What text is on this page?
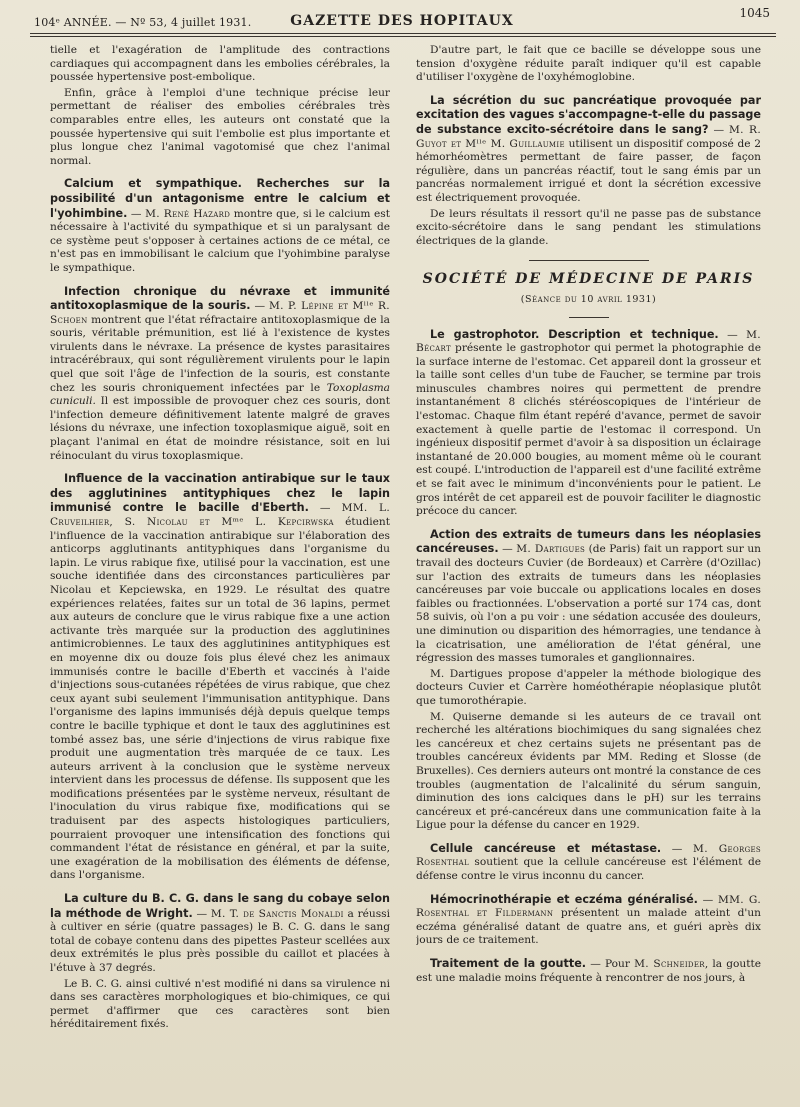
104ᵉ ANNÉE. — Nº 53, 4 juillet 1931.	GAZETTE DES HOPITAUX	1045

tielle et l'exagération de l'amplitude des contractions cardiaques qui accompagnent dans les embolies cérébrales, la poussée hypertensive post-embolique.

Enfin, grâce à l'emploi d'une technique précise leur permettant de réaliser des embolies cérébrales très comparables entre elles, les auteurs ont constaté que la poussée hypertensive qui suit l'embolie est plus importante et plus longue chez l'animal vagotomisé que chez l'animal normal.

Calcium et sympathique. Recherches sur la possibilité d'un antagonisme entre le calcium et l'yohimbine. — M. René Hazard montre que, si le calcium est nécessaire à l'activité du sympathique et si un paralysant de ce système peut s'opposer à certaines actions de ce métal, ce n'est pas en immobilisant le calcium que l'yohimbine paralyse le sympathique.

Infection chronique du névraxe et immunité antitoxoplasmique de la souris. — M. P. Lépine et Mˡˡᵉ R. Schoen montrent que l'état réfractaire antitoxoplasmique de la souris, véritable prémunition, est lié à l'existence de kystes virulents dans le névraxe. La présence de kystes parasitaires intracérébraux, qui sont régulièrement virulents pour le lapin quel que soit l'âge de l'infection de la souris, est constante chez les souris chroniquement infectées par le Toxoplasma cuniculi. Il est impossible de provoquer chez ces souris, dont l'infection demeure définitivement latente malgré de graves lésions du névraxe, une infection toxoplasmique aiguë, soit en plaçant l'animal en état de moindre résistance, soit en lui réinoculant du virus toxoplasmique.

Influence de la vaccination antirabique sur le taux des agglutinines antityphiques chez le lapin immunisé contre le bacille d'Eberth. — MM. L. Cruveilhier, S. Nicolau et Mᵐᵉ L. Kepcirwska étudient l'influence de la vaccination antirabique sur l'élaboration des anticorps agglutinants antityphiques dans l'organisme du lapin. Le virus rabique fixe, utilisé pour la vaccination, est une souche identifiée dans des circonstances particulières par Nicolau et Kepciewska, en 1929. Le résultat des quatre expériences relatées, faites sur un total de 36 lapins, permet aux auteurs de conclure que le virus rabique fixe a une action activante très marquée sur la production des agglutinines antimicrobiennes. Le taux des agglutinines antityphiques est en moyenne dix ou douze fois plus élevé chez les animaux immunisés contre le bacille d'Eberth et vaccinés à l'aide d'injections sous-cutanées répétées de virus rabique, que chez ceux ayant subi seulement l'immunisation antityphique. Dans l'organisme des lapins immunisés déjà depuis quelque temps contre le bacille typhique et dont le taux des agglutinines est tombé assez bas, une série d'injections de virus rabique fixe produit une augmentation très marquée de ce taux. Les auteurs arrivent à la conclusion que le système nerveux intervient dans les processus de défense. Ils supposent que les modifications présentées par le système nerveux, résultant de l'inoculation du virus rabique fixe, modifications qui se traduisent par des aspects histologiques particuliers, pourraient provoquer une intensification des fonctions qui commandent l'état de résistance en général, et par la suite, une exagération de la mobilisation des éléments de défense, dans l'organisme.

La culture du B. C. G. dans le sang du cobaye selon la méthode de Wright. — M. T. de Sanctis Monaldi a réussi à cultiver en série (quatre passages) le B. C. G. dans le sang total de cobaye contenu dans des pipettes Pasteur scellées aux deux extrémités le plus près possible du caillot et placées à l'étuve à 37 degrés.

Le B. C. G. ainsi cultivé n'est modifié ni dans sa virulence ni dans ses caractères morphologiques et bio-chimiques, ce qui permet d'affirmer que ces caractères sont bien héréditairement fixés.

D'autre part, le fait que ce bacille se développe sous une tension d'oxygène réduite paraît indiquer qu'il est capable d'utiliser l'oxygène de l'oxyhémoglobine.

La sécrétion du suc pancréatique provoquée par excitation des vagues s'accompagne-t-elle du passage de substance excito-sécrétoire dans le sang? — M. R. Guyot et Mˡˡᵉ M. Guillaumie utilisent un dispositif composé de 2 hémorhéomètres permettant de faire passer, de façon régulière, dans un pancréas réactif, tout le sang émis par un pancréas normalement irrigué et dont la sécrétion excessive est électriquement provoquée.

De leurs résultats il ressort qu'il ne passe pas de substance excito-sécrétoire dans le sang pendant les stimulations électriques de la glande.

SOCIÉTÉ DE MÉDECINE DE PARIS
(Séance du 10 avril 1931)

Le gastrophotor. Description et technique. — M. Bécart présente le gastrophotor qui permet la photographie de la surface interne de l'estomac. Cet appareil dont la grosseur et la taille sont celles d'un tube de Faucher, se termine par trois minuscules chambres noires qui permettent de prendre instantanément 8 clichés stéréoscopiques de l'intérieur de l'estomac. Chaque film étant repéré d'avance, permet de savoir exactement à quelle partie de l'estomac il correspond. Un ingénieux dispositif permet d'avoir à sa disposition un éclairage instantané de 20.000 bougies, au moment même où le courant est coupé. L'introduction de l'appareil est d'une facilité extrême et se fait avec le minimum d'inconvénients pour le patient. Le gros intérêt de cet appareil est de pouvoir faciliter le diagnostic précoce du cancer.

Action des extraits de tumeurs dans les néoplasies cancéreuses. — M. Dartigues (de Paris) fait un rapport sur un travail des docteurs Cuvier (de Bordeaux) et Carrère (d'Ozillac) sur l'action des extraits de tumeurs dans les néoplasies cancéreuses par voie buccale ou applications locales en doses faibles ou fractionnées. L'observation a porté sur 174 cas, dont 58 suivis, où l'on a pu voir : une sédation accusée des douleurs, une diminution ou disparition des hémorragies, une tendance à la cicatrisation, une amélioration de l'état général, une régression des masses tumorales et ganglionnaires.

M. Dartigues propose d'appeler la méthode biologique des docteurs Cuvier et Carrère homéothérapie néoplasique plutôt que tumorothérapie.

M. Quiserne demande si les auteurs de ce travail ont recherché les altérations biochimiques du sang signalées chez les cancéreux et chez certains sujets ne présentant pas de troubles cancéreux évidents par MM. Reding et Slosse (de Bruxelles). Ces derniers auteurs ont montré la constance de ces troubles (augmentation de l'alcalinité du sérum sanguin, diminution des ions calciques dans le pH) sur les terrains cancéreux et pré-cancéreux dans une communication faite à la Ligue pour la défense du cancer en 1929.

Cellule cancéreuse et métastase. — M. Georges Rosenthal soutient que la cellule cancéreuse est l'élément de défense contre le virus inconnu du cancer.

Hémocrinothérapie et eczéma généralisé. — MM. G. Rosenthal et Fildermann présentent un malade atteint d'un eczéma généralisé datant de quatre ans, et guéri après dix jours de ce traitement.

Traitement de la goutte. — Pour M. Schneider, la goutte est une maladie moins fréquente à rencontrer de nos jours, à
